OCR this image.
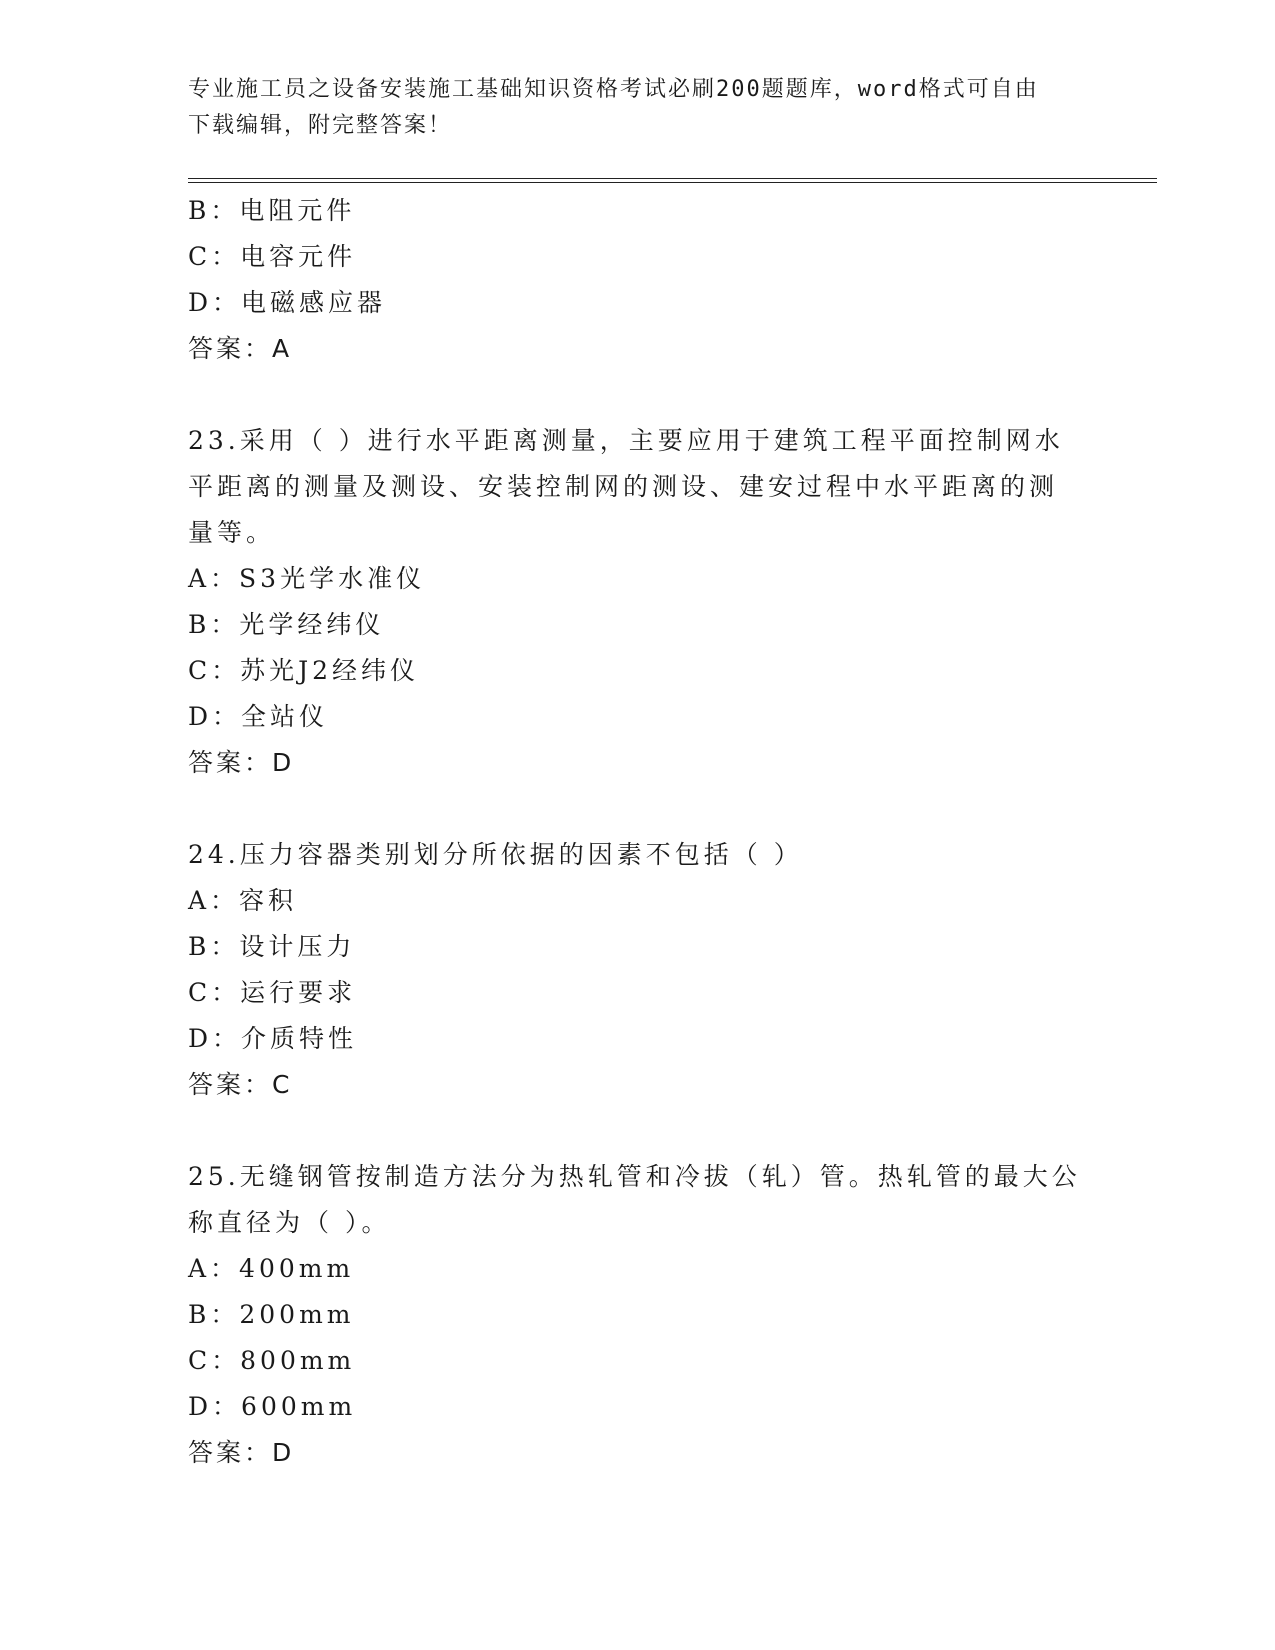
专业施工员之设备安装施工基础知识资格考试必刷200题题库，word格式可自由
下载编辑，附完整答案！
B：电阻元件
C：电容元件
D：电磁感应器
答案：A
23.采用（ ）进行水平距离测量，主要应用于建筑工程平面控制网水
平距离的测量及测设、安装控制网的测设、建安过程中水平距离的测
量等。
A：S3光学水准仪
B：光学经纬仪
C：苏光J2经纬仪
D：全站仪
答案：D
24.压力容器类别划分所依据的因素不包括（ ）
A：容积
B：设计压力
C：运行要求
D：介质特性
答案：C
25.无缝钢管按制造方法分为热轧管和冷拔（轧）管。热轧管的最大公
称直径为（ ）。
A：400mm
B：200mm
C：800mm
D：600mm
答案：D
